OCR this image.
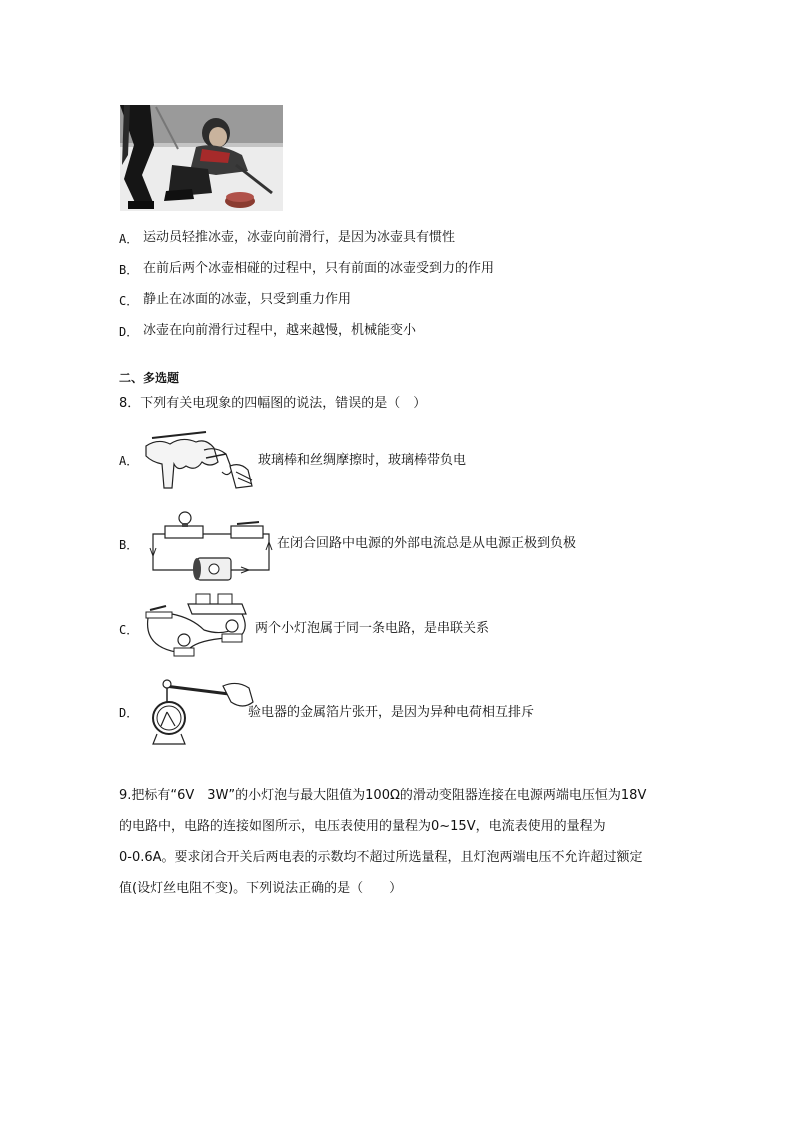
A． 运动员轻推冰壶，冰壶向前滑行，是因为冰壶具有惯性
B． 在前后两个冰壶相碰的过程中，只有前面的冰壶受到力的作用
C． 静止在冰面的冰壶，只受到重力作用
D． 冰壶在向前滑行过程中，越来越慢，机械能变小
二、多选题
8．下列有关电现象的四幅图的说法，错误的是（　）
A．	玻璃棒和丝绸摩擦时，玻璃棒带负电
B．	在闭合回路中电源的外部电流总是从电源正极到负极
C．	两个小灯泡属于同一条电路，是串联关系
D．	验电器的金属箔片张开，是因为异种电荷相互排斥
9.把标有“6V　3W”的小灯泡与最大阻值为100Ω的滑动变阻器连接在电源两端电压恒为18V
的电路中，电路的连接如图所示，电压表使用的量程为0~15V，电流表使用的量程为
0-0.6A。要求闭合开关后两电表的示数均不超过所选量程，且灯泡两端电压不允许超过额定
值(设灯丝电阻不变)。下列说法正确的是（　　）
